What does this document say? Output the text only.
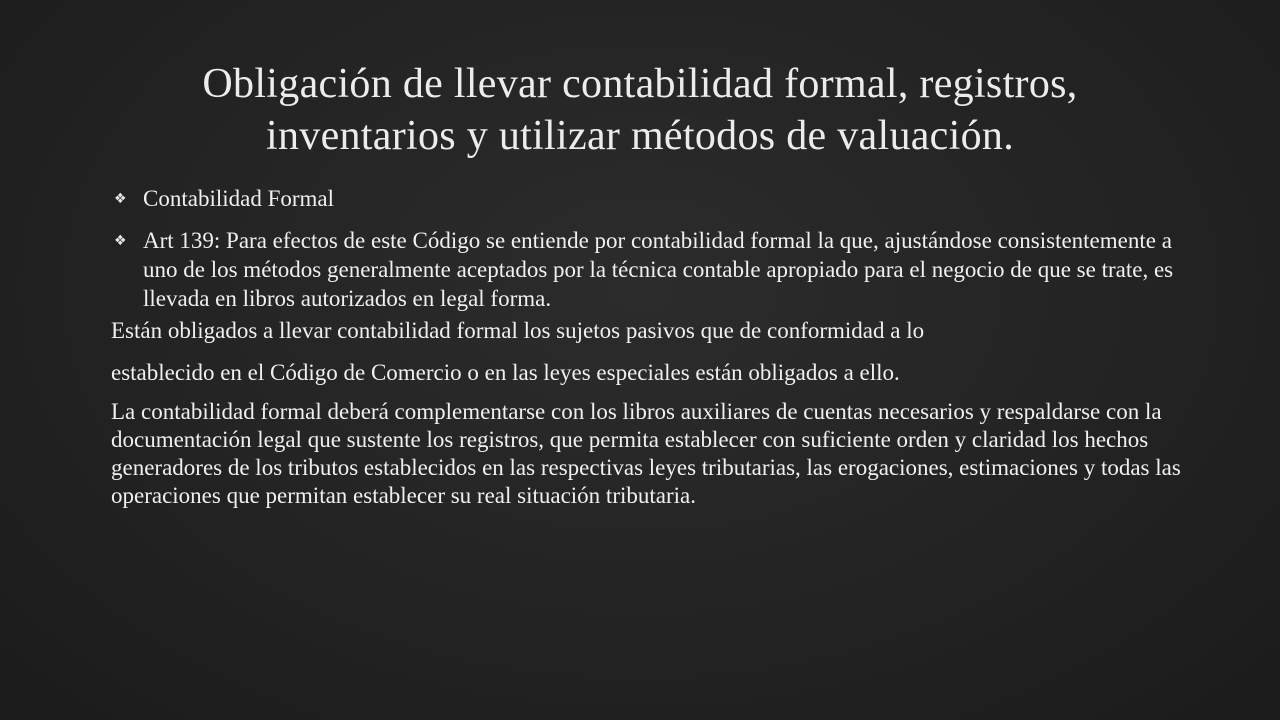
Obligación de llevar contabilidad formal, registros,
inventarios y utilizar métodos de valuación.
❖ Contabilidad Formal
❖ Art 139: Para efectos de este Código se entiende por contabilidad formal la que, ajustándose consistentemente a uno de los métodos generalmente aceptados por la técnica contable apropiado para el negocio de que se trate, es llevada en libros autorizados en legal forma.
Están obligados a llevar contabilidad formal los sujetos pasivos que de conformidad a lo
establecido en el Código de Comercio o en las leyes especiales están obligados a ello.
La contabilidad formal deberá complementarse con los libros auxiliares de cuentas necesarios y respaldarse con la documentación legal que sustente los registros, que permita establecer con suficiente orden y claridad los hechos generadores de los tributos establecidos en las respectivas leyes tributarias, las erogaciones, estimaciones y todas las operaciones que permitan establecer su real situación tributaria.
